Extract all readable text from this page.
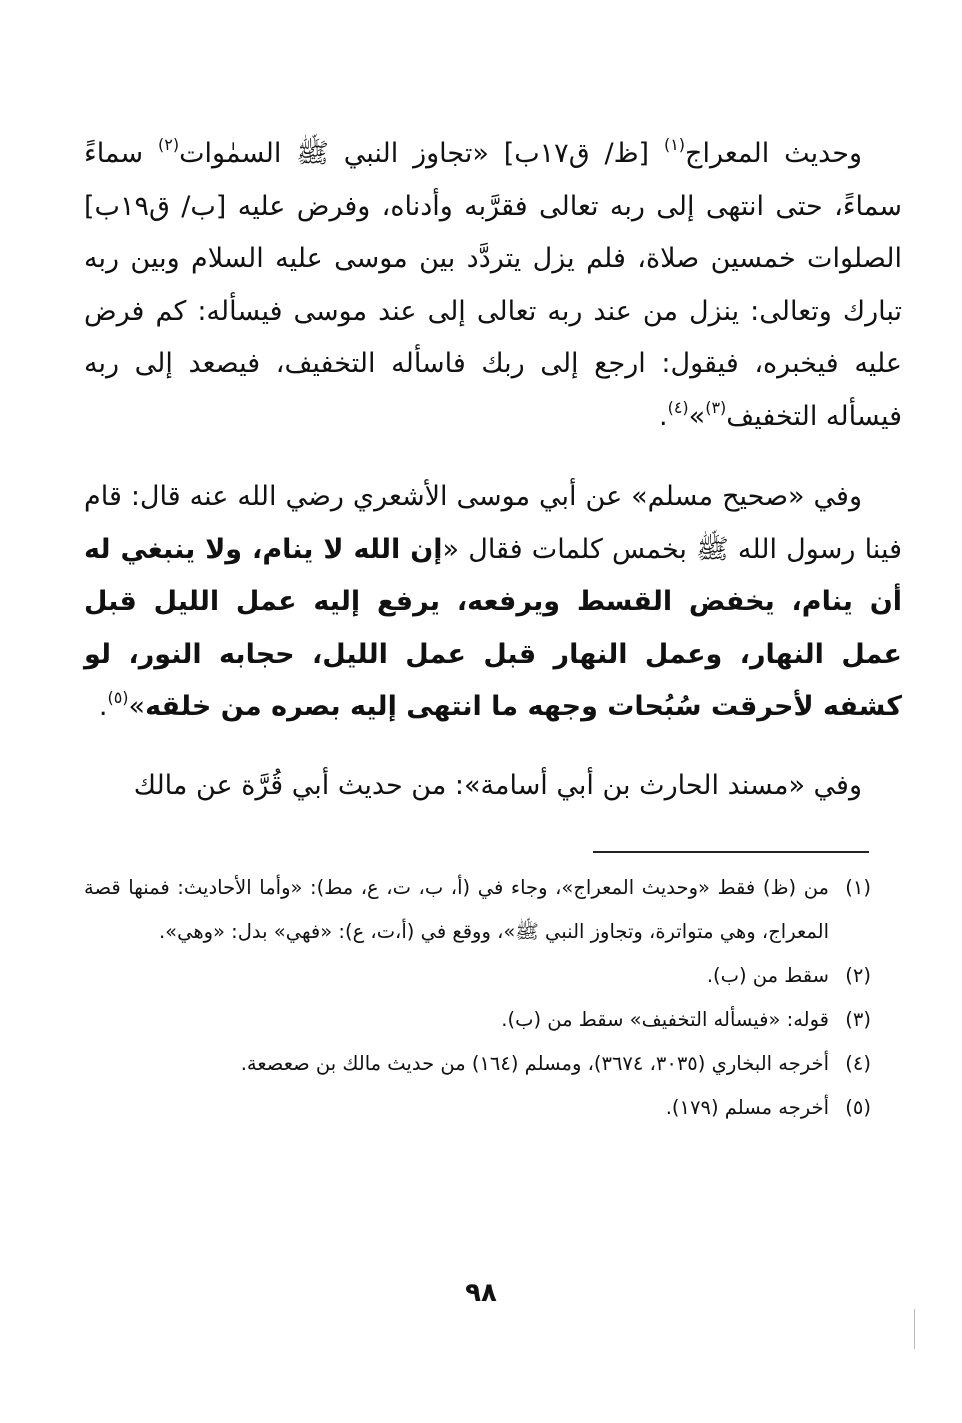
وحديث المعراج$^{(١)}$ [ظ/ ق١٧ب] «تجاوز النبي ﷺ السمٰوات$^{(٢)}$ سماءً سماءً، حتى انتهى إلى ربه تعالى فقرَّبه وأدناه، وفرض عليه [ب/ ق١٩ب] الصلوات خمسين صلاة، فلم يزل يتردَّد بين موسى عليه السلام وبين ربه تبارك وتعالى: ينزل من عند ربه تعالى إلى عند موسى فيسأله: كم فرض عليه فيخبره، فيقول: ارجع إلى ربك فاسأله التخفيف، فيصعد إلى ربه فيسأله التخفيف$^{(٣)}$»$^{(٤)}$.

وفي «صحيح مسلم» عن أبي موسى الأشعري رضي الله عنه قال: قام فينا رسول الله ﷺ بخمس كلمات فقال «إن الله لا ينام، ولا ينبغي له أن ينام، يخفض القسط ويرفعه، يرفع إليه عمل الليل قبل عمل النهار، وعمل النهار قبل عمل الليل، حجابه النور، لو كشفه لأحرقت سُبُحات وجهه ما انتهى إليه بصره من خلقه»$^{(٥)}$.

وفي «مسند الحارث بن أبي أسامة»: من حديث أبي قُرَّة عن مالك

(١)
من (ظ) فقط «وحديث المعراج»، وجاء في (أ، ب، ت، ع، مط): «وأما الأحاديث: فمنها قصة المعراج، وهي متواترة، وتجاوز النبي ﷺ»، ووقع في (أ،ت، ع): «فهي» بدل: «وهي».

(٢)
سقط من (ب).

(٣)
قوله: «فيسأله التخفيف» سقط من (ب).

(٤)
أخرجه البخاري (٣٠٣٥، ٣٦٧٤)، ومسلم (١٦٤) من حديث مالك بن صعصعة.

(٥)
أخرجه مسلم (١٧٩).

٩٨
